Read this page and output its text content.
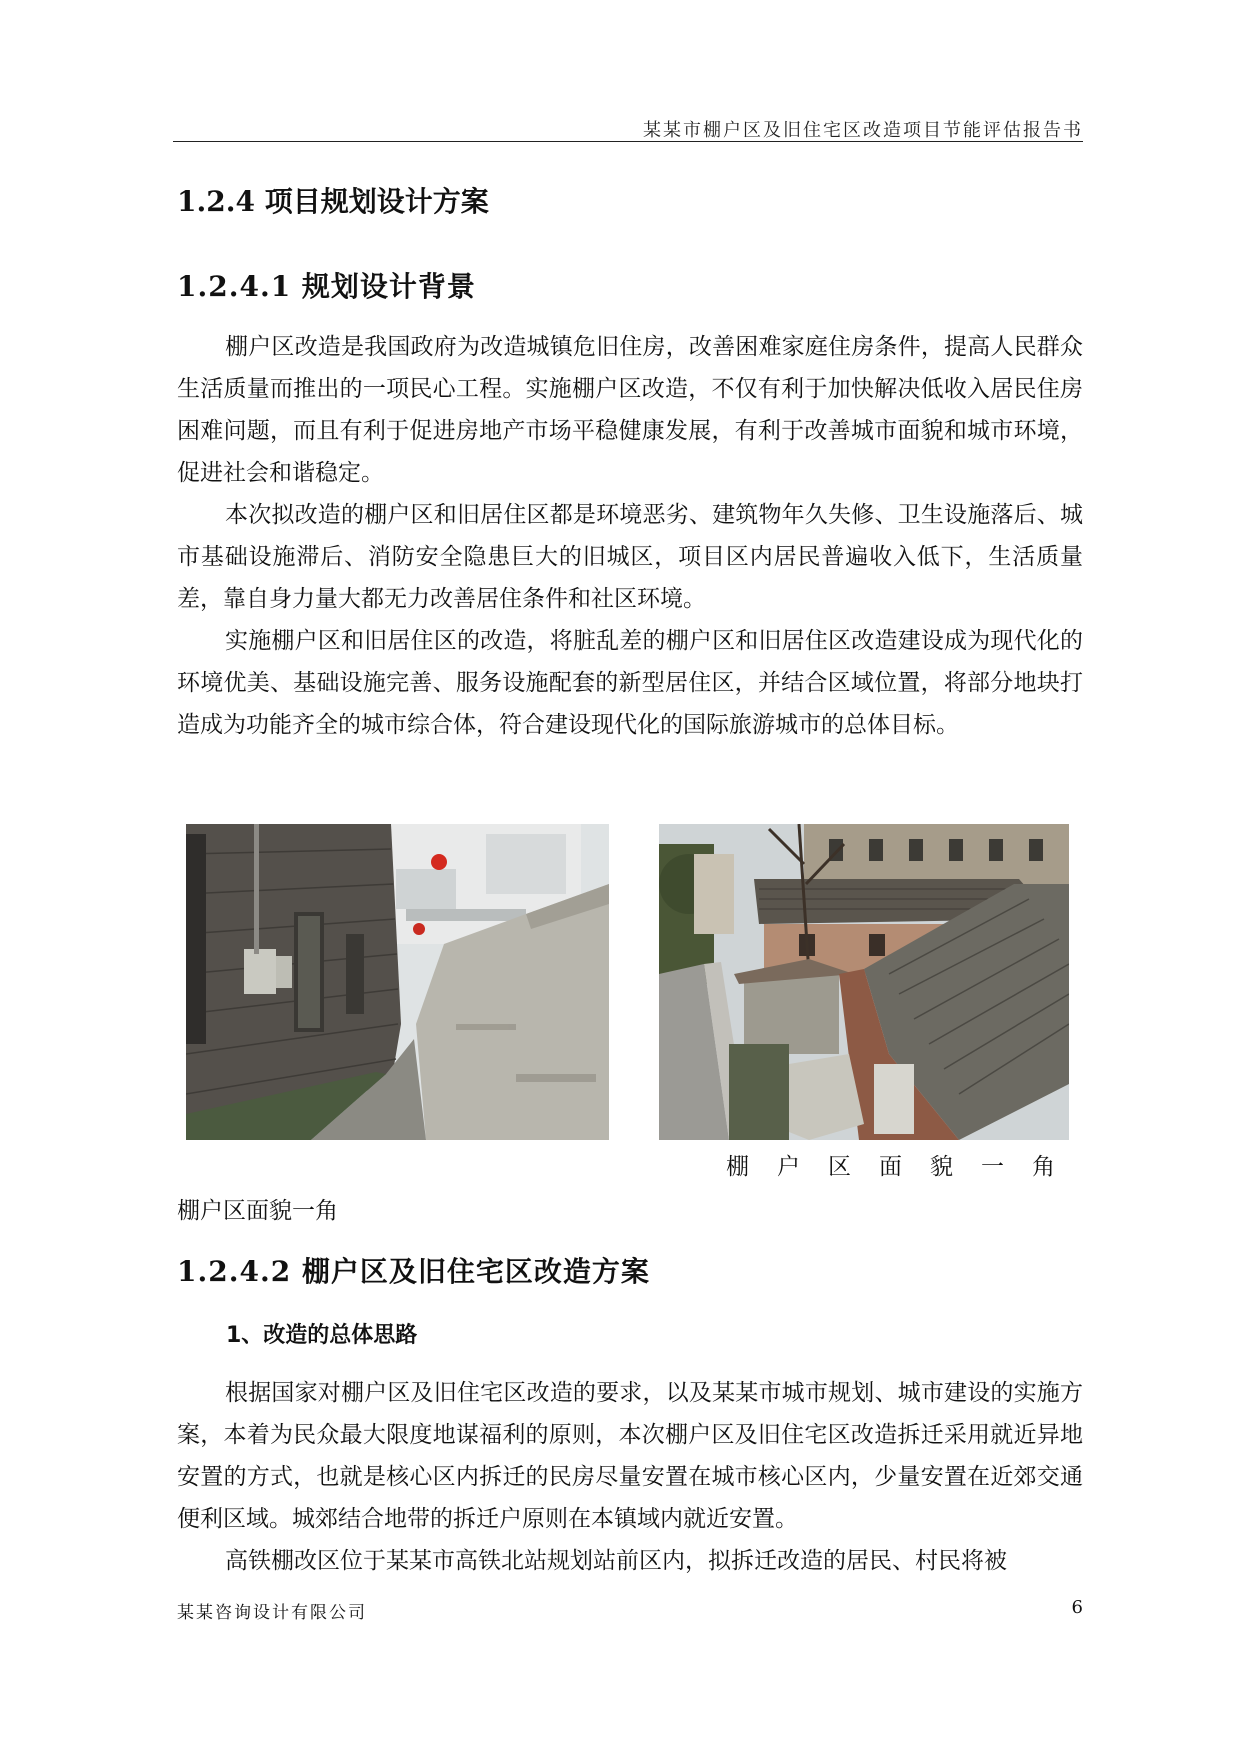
某某市棚户区及旧住宅区改造项目节能评估报告书
1.2.4 项目规划设计方案
1.2.4.1 规划设计背景

棚户区改造是我国政府为改造城镇危旧住房，改善困难家庭住房条件，提高人民群众生活质量而推出的一项民心工程。实施棚户区改造，不仅有利于加快解决低收入居民住房困难问题，而且有利于促进房地产市场平稳健康发展，有利于改善城市面貌和城市环境，促进社会和谐稳定。

本次拟改造的棚户区和旧居住区都是环境恶劣、建筑物年久失修、卫生设施落后、城市基础设施滞后、消防安全隐患巨大的旧城区，项目区内居民普遍收入低下，生活质量差，靠自身力量大都无力改善居住条件和社区环境。

实施棚户区和旧居住区的改造，将脏乱差的棚户区和旧居住区改造建设成为现代化的环境优美、基础设施完善、服务设施配套的新型居住区，并结合区域位置，将部分地块打造成为功能齐全的城市综合体，符合建设现代化的国际旅游城市的总体目标。

棚户区面貌一角
棚户区面貌一角
1.2.4.2 棚户区及旧住宅区改造方案
1、改造的总体思路

根据国家对棚户区及旧住宅区改造的要求，以及某某市城市规划、城市建设的实施方案，本着为民众最大限度地谋福利的原则，本次棚户区及旧住宅区改造拆迁采用就近异地安置的方式，也就是核心区内拆迁的民房尽量安置在城市核心区内，少量安置在近郊交通便利区域。城郊结合地带的拆迁户原则在本镇域内就近安置。

高铁棚改区位于某某市高铁北站规划站前区内，拟拆迁改造的居民、村民将被

某某咨询设计有限公司	6
